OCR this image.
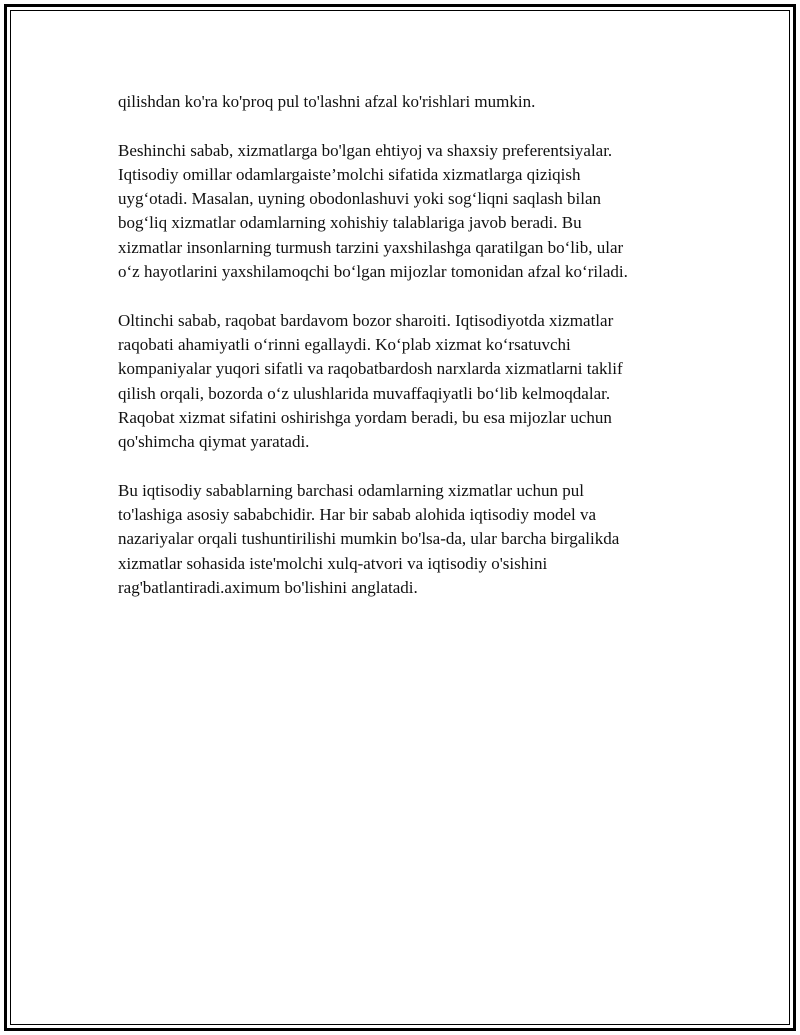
qilishdan ko'ra ko'proq pul to'lashni afzal ko'rishlari mumkin.

Beshinchi sabab, xizmatlarga bo'lgan ehtiyoj va shaxsiy preferentsiyalar.
Iqtisodiy omillar odamlargaiste’molchi sifatida xizmatlarga qiziqish
uyg‘otadi. Masalan, uyning obodonlashuvi yoki sog‘liqni saqlash bilan
bog‘liq xizmatlar odamlarning xohishiy talablariga javob beradi. Bu
xizmatlar insonlarning turmush tarzini yaxshilashga qaratilgan bo‘lib, ular
o‘z hayotlarini yaxshilamoqchi bo‘lgan mijozlar tomonidan afzal ko‘riladi.

Oltinchi sabab, raqobat bardavom bozor sharoiti. Iqtisodiyotda xizmatlar
raqobati ahamiyatli o‘rinni egallaydi. Ko‘plab xizmat ko‘rsatuvchi
kompaniyalar yuqori sifatli va raqobatbardosh narxlarda xizmatlarni taklif
qilish orqali, bozorda o‘z ulushlarida muvaffaqiyatli bo‘lib kelmoqdalar.
Raqobat xizmat sifatini oshirishga yordam beradi, bu esa mijozlar uchun
qo'shimcha qiymat yaratadi.

Bu iqtisodiy sabablarning barchasi odamlarning xizmatlar uchun pul
to'lashiga asosiy sababchidir. Har bir sabab alohida iqtisodiy model va
nazariyalar orqali tushuntirilishi mumkin bo'lsa-da, ular barcha birgalikda
xizmatlar sohasida iste'molchi xulq-atvori va iqtisodiy o'sishini
rag'batlantiradi.aximum bo'lishini anglatadi.
